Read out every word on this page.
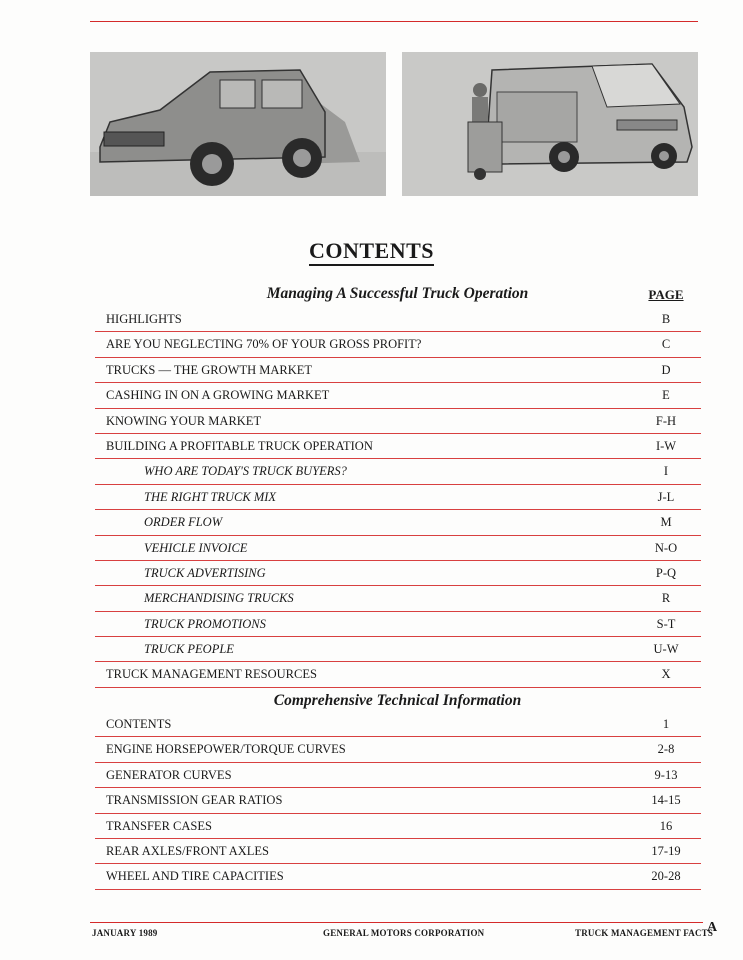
CONTENTS
Managing A Successful Truck Operation	PAGE
HIGHLIGHTS	B
ARE YOU NEGLECTING 70% OF YOUR GROSS PROFIT?	C
TRUCKS — THE GROWTH MARKET	D
CASHING IN ON A GROWING MARKET	E
KNOWING YOUR MARKET	F-H
BUILDING A PROFITABLE TRUCK OPERATION	I-W
WHO ARE TODAY'S TRUCK BUYERS?	I
THE RIGHT TRUCK MIX	J-L
ORDER FLOW	M
VEHICLE INVOICE	N-O
TRUCK ADVERTISING	P-Q
MERCHANDISING TRUCKS	R
TRUCK PROMOTIONS	S-T
TRUCK PEOPLE	U-W
TRUCK MANAGEMENT RESOURCES	X
Comprehensive Technical Information
CONTENTS	1
ENGINE HORSEPOWER/TORQUE CURVES	2-8
GENERATOR CURVES	9-13
TRANSMISSION GEAR RATIOS	14-15
TRANSFER CASES	16
REAR AXLES/FRONT AXLES	17-19
WHEEL AND TIRE CAPACITIES	20-28
JANUARY 1989	GENERAL MOTORS CORPORATION	TRUCK MANAGEMENT FACTS
A
